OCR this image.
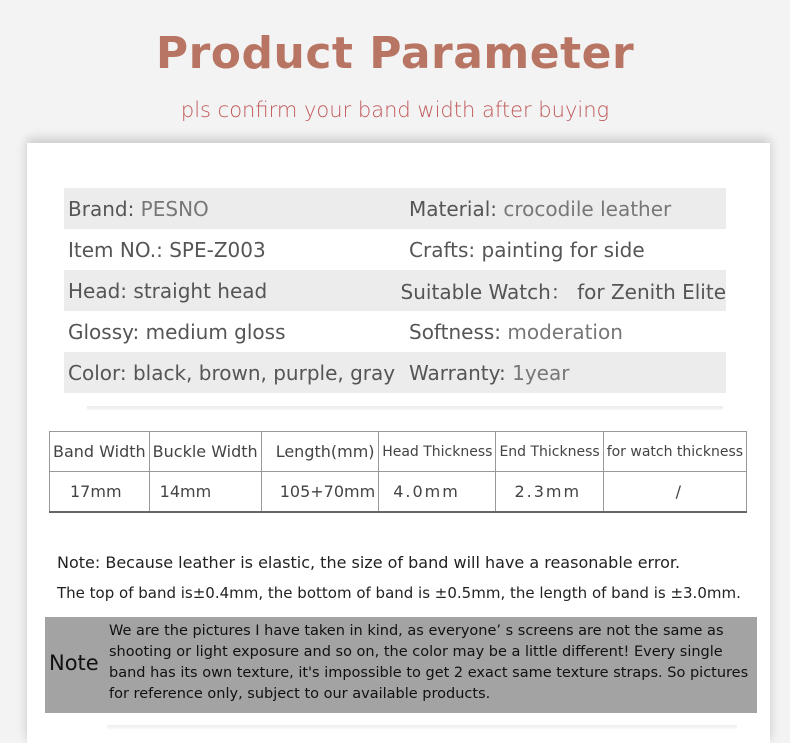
Product Parameter
pls confirm your band width after buying
Brand: PESNO	Material: crocodile leather
Item NO.: SPE-Z003	Crafts: painting for side
Head: straight head	Suitable Watch： for Zenith Elite
Glossy: medium gloss	Softness: moderation
Color: black, brown, purple, gray Warranty: 1year
Band Width	Buckle Width	Length(mm)	Head Thickness	End Thickness	for watch thickness
17mm	14mm	105+70mm	4.0mm	2.3mm	/
Note: Because leather is elastic, the size of band will have a reasonable error.
The top of band is±0.4mm, the bottom of band is ±0.5mm, the length of band is ±3.0mm.
Note
We are the pictures I have taken in kind, as everyone’ s screens are not the same as shooting or light exposure and so on, the color may be a little different! Every single band has its own texture, it's impossible to get 2 exact same texture straps. So pictures for reference only, subject to our available products.
